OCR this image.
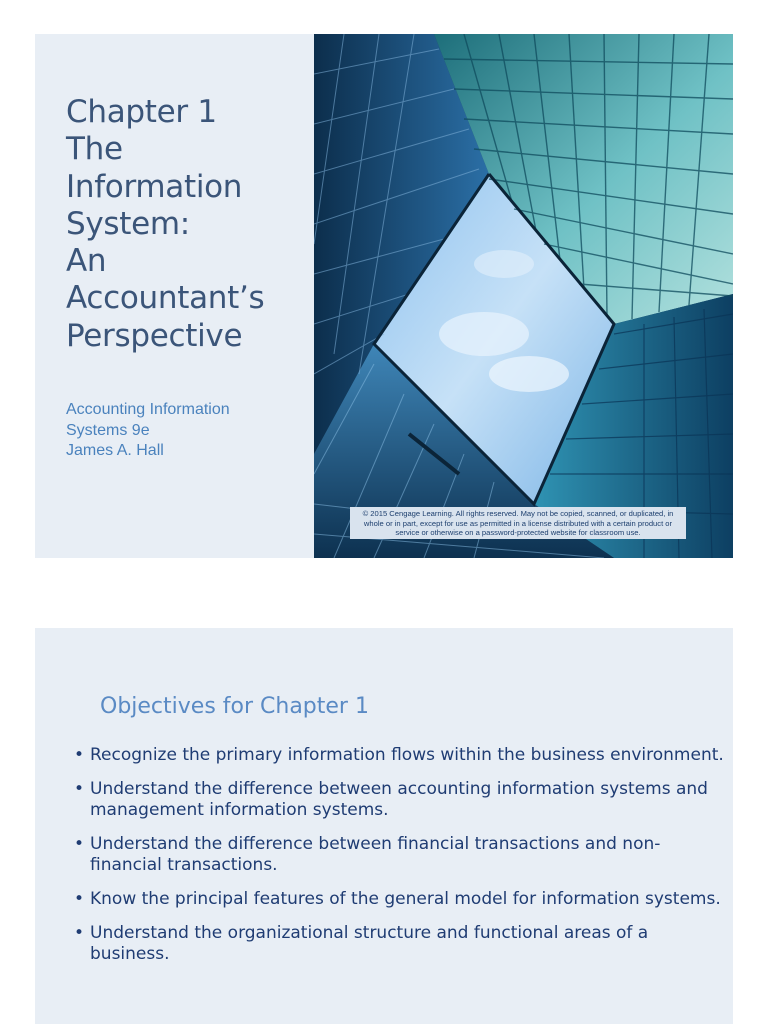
Chapter 1
The
Information
System:
An
Accountant’s
Perspective
Accounting Information
Systems 9e
James A. Hall
© 2015 Cengage Learning. All rights reserved. May not be copied, scanned, or duplicated, in
whole or in part, except for use as permitted in a license distributed with a certain product or
service or otherwise on a password-protected website for classroom use.
Objectives for Chapter 1
• Recognize the primary information flows within the business environment.
• Understand the difference between accounting information systems and management information systems.
• Understand the difference between financial transactions and non-financial transactions.
• Know the principal features of the general model for information systems.
• Understand the organizational structure and functional areas of a business.
